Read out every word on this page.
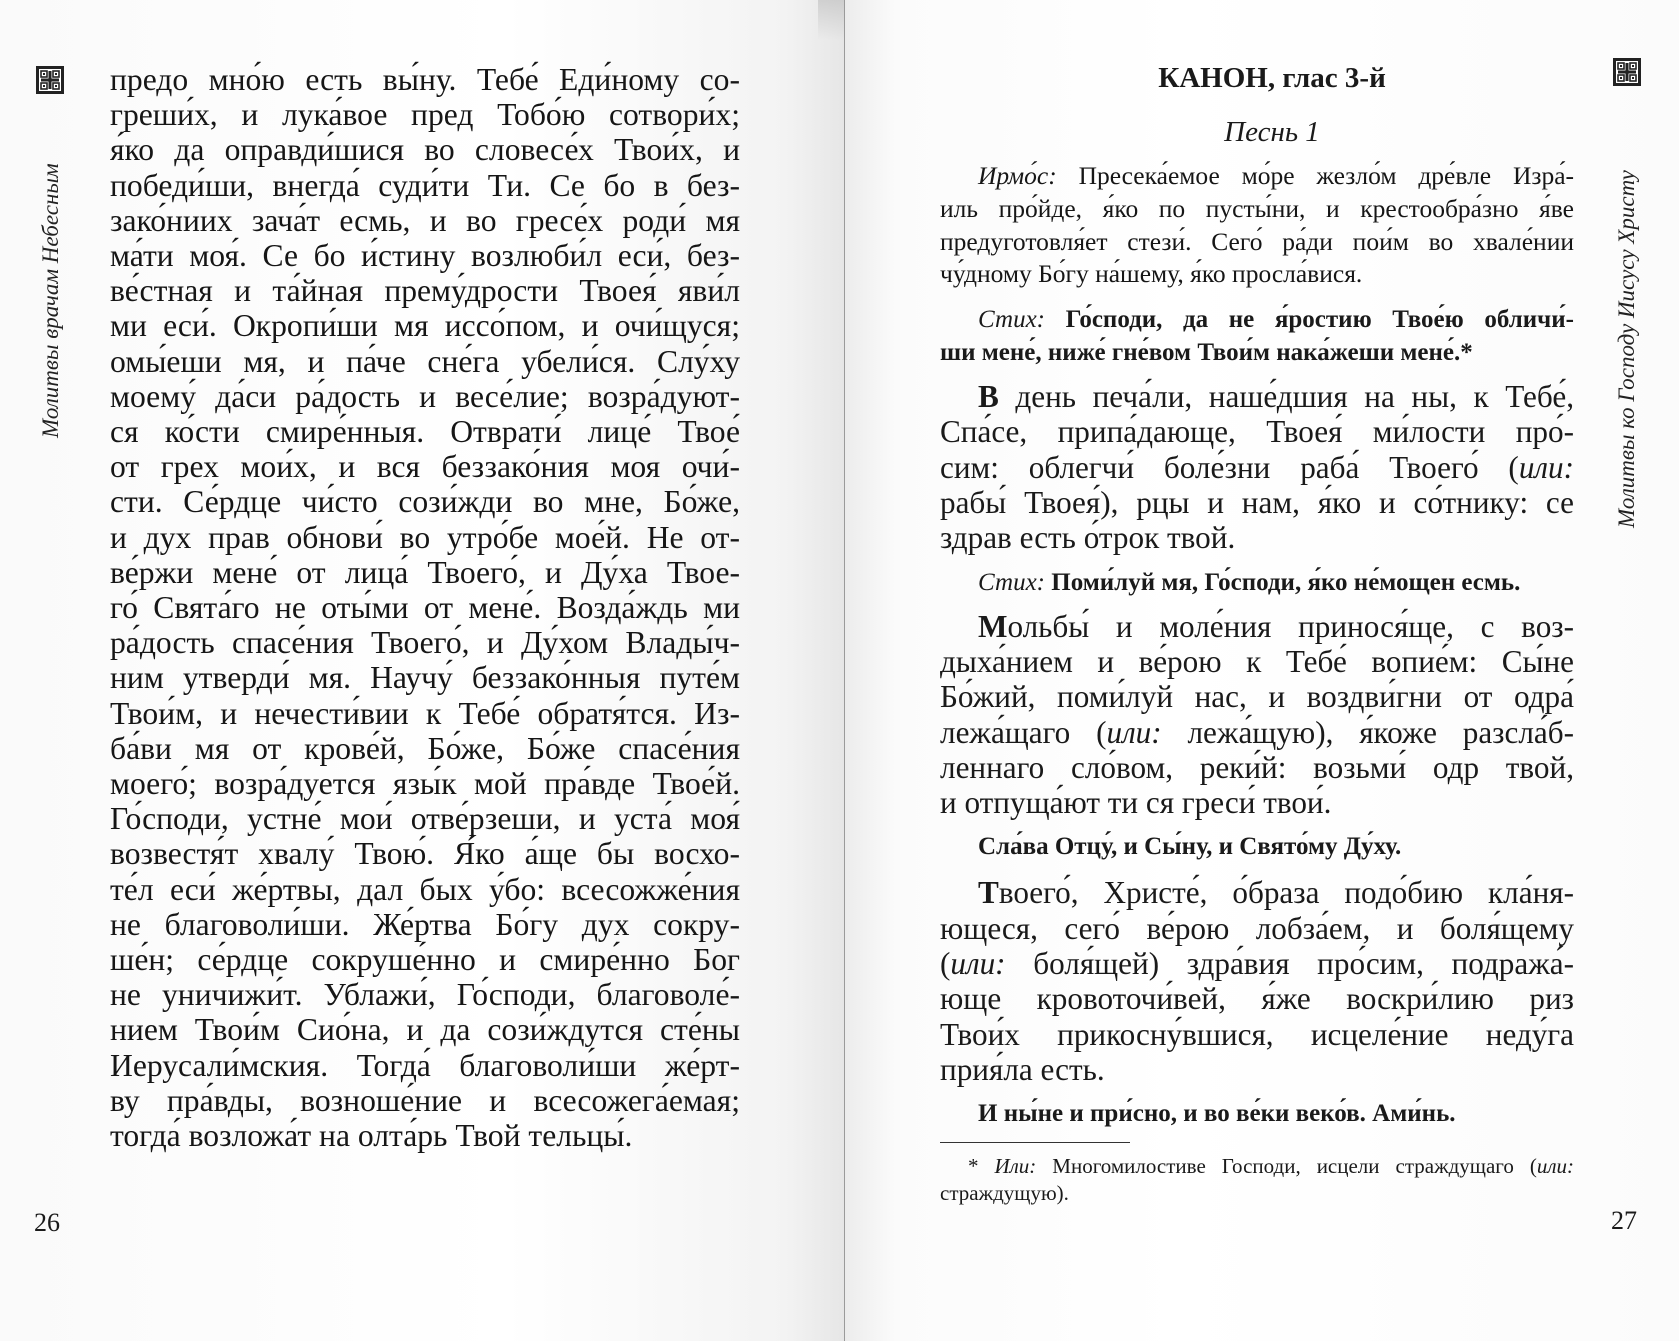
Молитвы врачам Небесным
предо мно́ю есть вы́ну. Тебе́ Еди́ному со-
греши́х, и лука́вое пред Тобо́ю сотвори́х;
я́ко да оправди́шися во словесе́х Твои́х, и
победи́ши, внегда́ суди́ти Ти. Се бо в без-
зако́ниих зача́т есмь, и во гресе́х роди́ мя
ма́ти моя́. Се бо и́стину возлюби́л еси́, без-
ве́стная и та́йная прему́дрости Твоея́ яви́л
ми еси́. Окропи́ши мя иссо́пом, и очи́щуся;
омы́еши мя, и па́че сне́га убели́ся. Слу́ху
моему́ да́си ра́дость и весе́лие; возра́дуют-
ся ко́сти смире́нныя. Отврати́ лице́ Твое́
от грех мои́х, и вся беззако́ния моя очи́-
сти. Се́рдце чи́сто сози́жди во мне, Бо́же,
и дух прав обнови́ во утро́бе мое́й. Не от-
ве́ржи мене́ от лица́ Твоего́, и Ду́ха Твое-
го́ Свята́го не оты́ми от мене́. Возда́ждь ми
ра́дость спасе́ния Твоего́, и Ду́хом Влады́ч-
ним утверди́ мя. Научу́ беззако́нныя путе́м
Твои́м, и нечести́вии к Тебе́ обратя́тся. Из-
ба́ви мя от крове́й, Бо́же, Бо́же спасе́ния
моего́; возра́дуется язы́к мой пра́вде Твое́й.
Го́споди, устне́ мои́ отве́рзеши, и уста́ моя́
возвестя́т хвалу́ Твою́. Я́ко а́ще бы восхо-
те́л еси́ же́ртвы, дал бых у́бо: всесожже́ния
не благоволи́ши. Же́ртва Бо́гу дух сокру-
ше́н; се́рдце сокруше́нно и смире́нно Бог
не уничижи́т. Ублажи́, Го́споди, благоволе́-
нием Твои́м Сио́на, и да сози́ждутся сте́ны
Иерусали́мския. Тогда́ благоволи́ши же́рт-
ву пра́вды, возноше́ние и всесожега́емая;
тогда́ возложа́т на олта́рь Твой тельцы́.
26
Молитвы ко Господу Иисусу Христу
КАНОН, глас 3-й
Песнь 1
Ирмо́с: Пресека́емое мо́ре жезло́м дре́вле Изра́-
иль про́йде, я́ко по пусты́ни, и крестообра́зно я́ве
предуготовля́ет стези́. Сего́ ра́ди пои́м во хвале́нии
чу́дному Бо́гу на́шему, я́ко просла́вися.
Стих: Го́споди, да не я́ростию Твое́ю обличи́-
ши мене́, ниже́ гне́вом Твои́м нака́жеши мене́.*
В день печа́ли, наше́дшия на ны, к Тебе́,
Спа́се, припа́дающе, Твоея́ ми́лости про́-
сим: облегчи́ боле́зни раба́ Твоего́ (или:
рабы́ Твоея́), рцы и нам, я́ко и со́тнику: се
здрав есть о́трок твой.
Стих: Поми́луй мя, Го́споди, я́ко не́мощен есмь.
Мольбы́ и моле́ния принося́ще, с воз-
дыха́нием и ве́рою к Тебе́ вопие́м: Сы́не
Бо́жий, поми́луй нас, и воздви́гни от одра́
лежа́щаго (или: лежа́щую), я́коже разсла́б-
леннаго сло́вом, реки́й: возьми́ одр твой,
и отпуща́ют ти ся греси́ твои́.
Сла́ва Отцу́, и Сы́ну, и Свято́му Ду́ху.
Твоего́, Христе́, о́браза подо́бию кла́ня-
ющеся, сего́ ве́рою лобза́ем, и боля́щему
(или: боля́щей) здра́вия про́сим, подража́-
юще кровоточи́вей, я́же воскри́лию риз
Твои́х прикосну́вшися, исцеле́ние неду́га
прия́ла есть.
И ны́не и при́сно, и во ве́ки веко́в. Ами́нь.
* Или: Многомилостиве Господи, исцели страждущаго (или:
страждущую).
27
